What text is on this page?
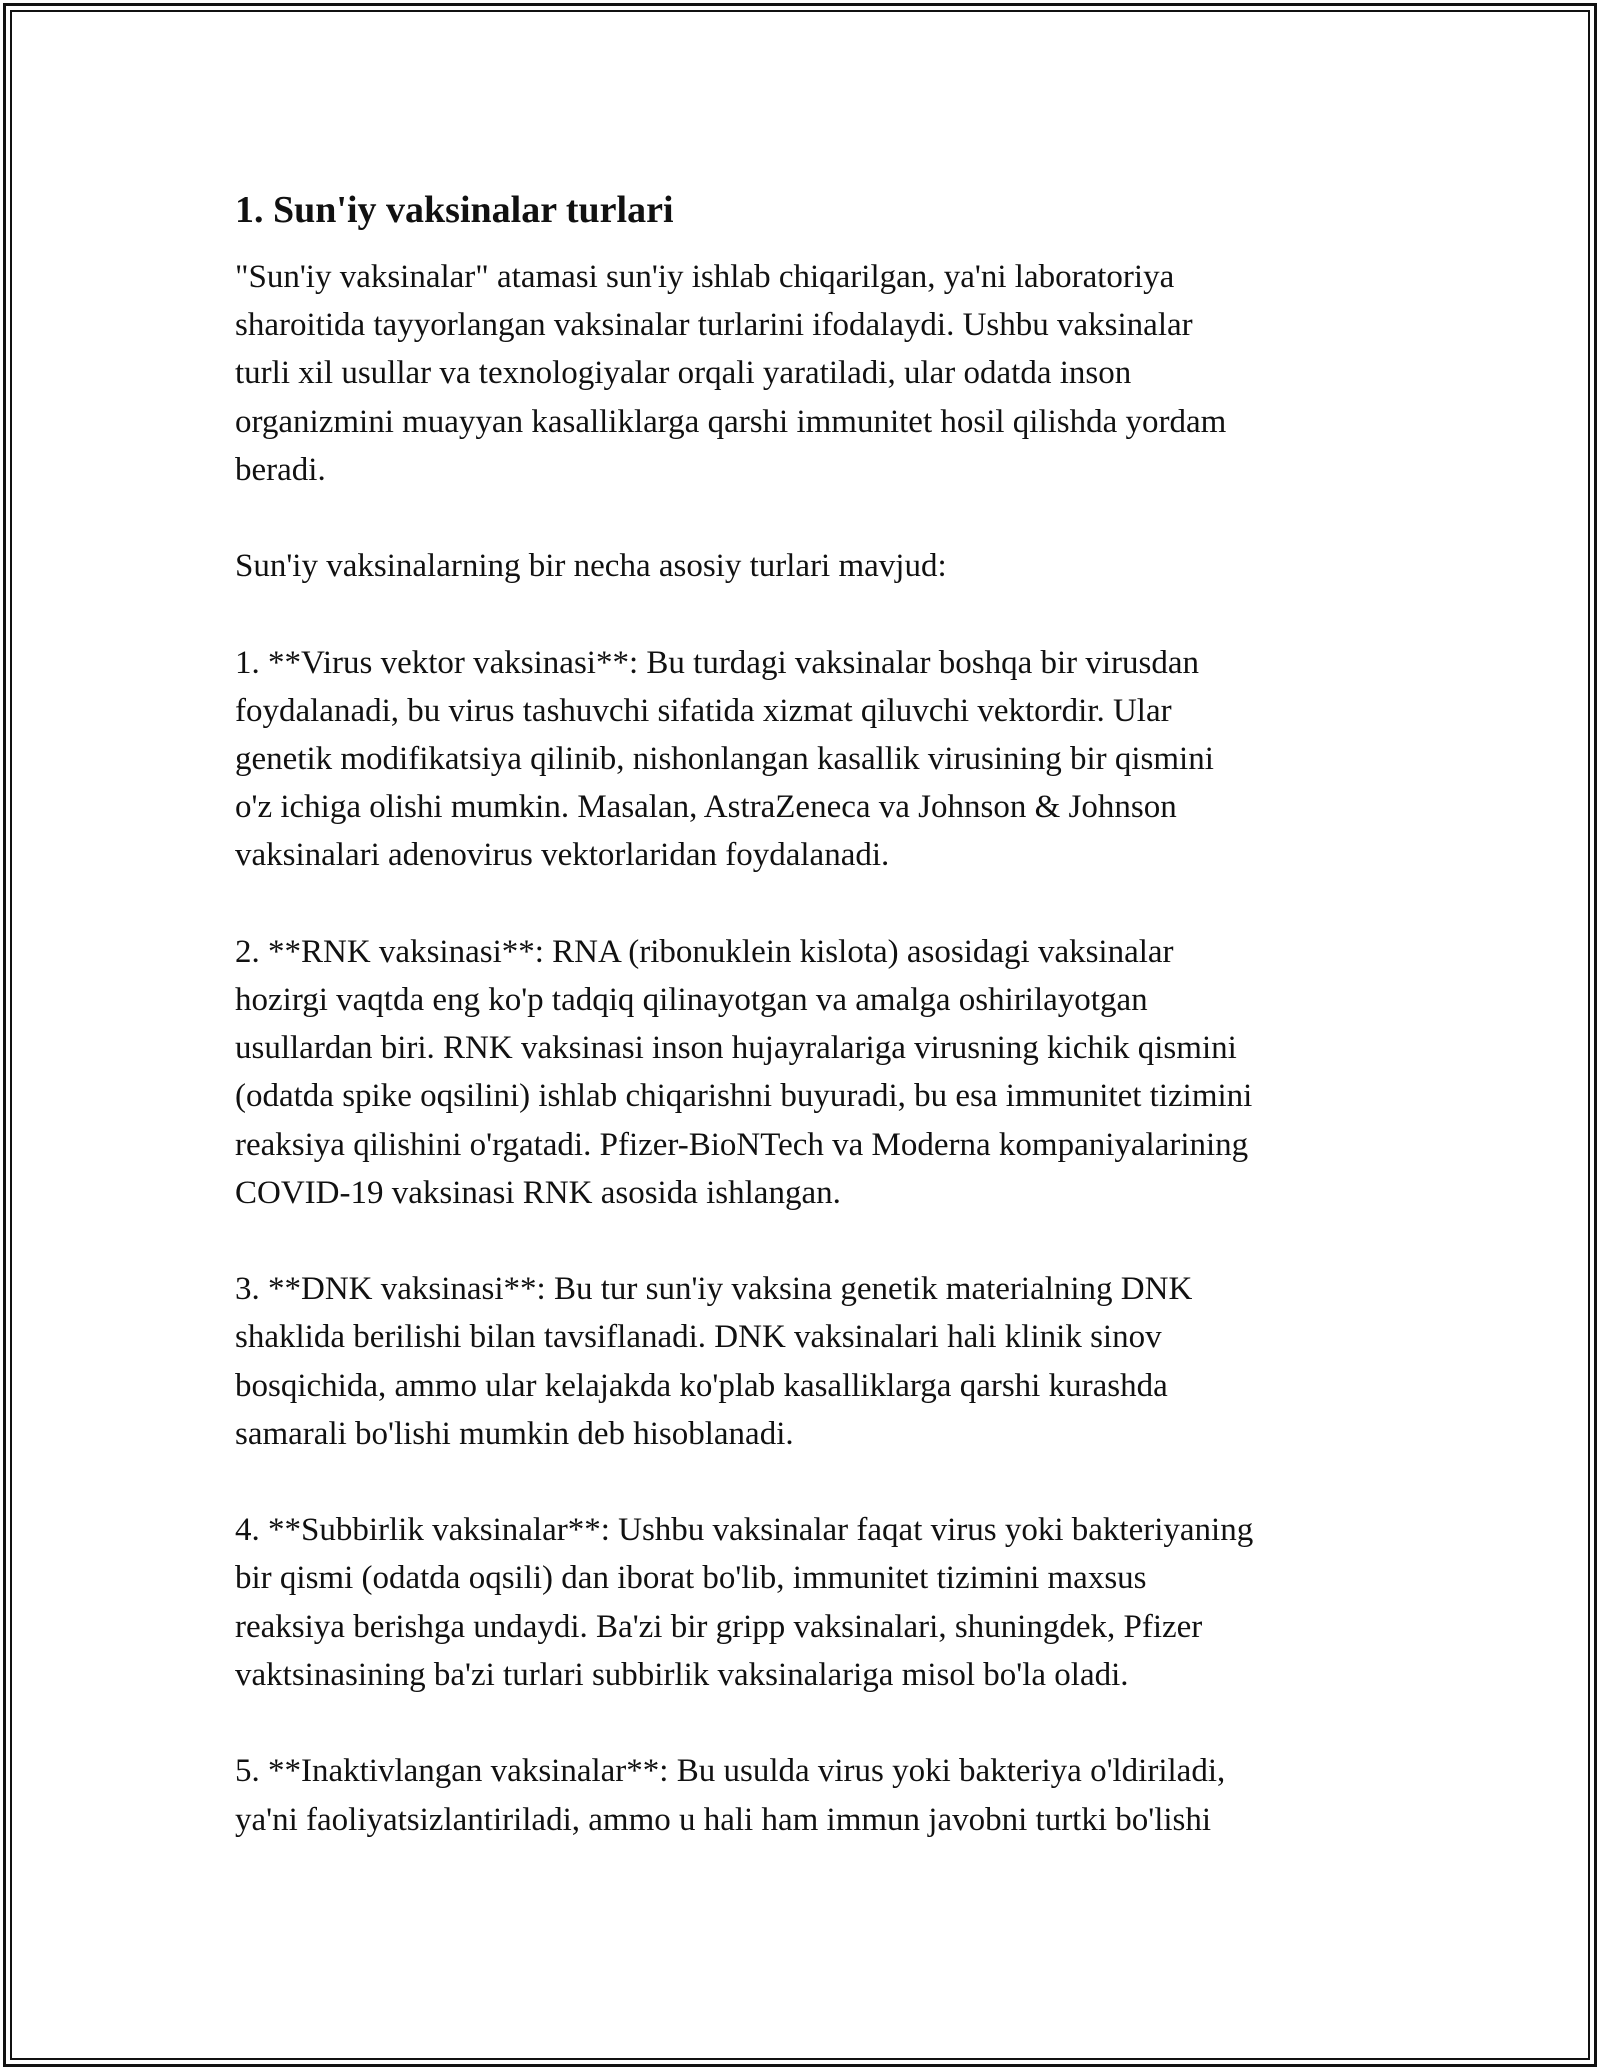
1. Sun'iy vaksinalar turlari
"Sun'iy vaksinalar" atamasi sun'iy ishlab chiqarilgan, ya'ni laboratoriya
sharoitida tayyorlangan vaksinalar turlarini ifodalaydi. Ushbu vaksinalar
turli xil usullar va texnologiyalar orqali yaratiladi, ular odatda inson
organizmini muayyan kasalliklarga qarshi immunitet hosil qilishda yordam
beradi.

Sun'iy vaksinalarning bir necha asosiy turlari mavjud:

1. **Virus vektor vaksinasi**: Bu turdagi vaksinalar boshqa bir virusdan
foydalanadi, bu virus tashuvchi sifatida xizmat qiluvchi vektordir. Ular
genetik modifikatsiya qilinib, nishonlangan kasallik virusining bir qismini
o'z ichiga olishi mumkin. Masalan, AstraZeneca va Johnson & Johnson
vaksinalari adenovirus vektorlaridan foydalanadi.

2. **RNK vaksinasi**: RNA (ribonuklein kislota) asosidagi vaksinalar
hozirgi vaqtda eng ko'p tadqiq qilinayotgan va amalga oshirilayotgan
usullardan biri. RNK vaksinasi inson hujayralariga virusning kichik qismini
(odatda spike oqsilini) ishlab chiqarishni buyuradi, bu esa immunitet tizimini
reaksiya qilishini o'rgatadi. Pfizer-BioNTech va Moderna kompaniyalarining
COVID-19 vaksinasi RNK asosida ishlangan.

3. **DNK vaksinasi**: Bu tur sun'iy vaksina genetik materialning DNK
shaklida berilishi bilan tavsiflanadi. DNK vaksinalari hali klinik sinov
bosqichida, ammo ular kelajakda ko'plab kasalliklarga qarshi kurashda
samarali bo'lishi mumkin deb hisoblanadi.

4. **Subbirlik vaksinalar**: Ushbu vaksinalar faqat virus yoki bakteriyaning
bir qismi (odatda oqsili) dan iborat bo'lib, immunitet tizimini maxsus
reaksiya berishga undaydi. Ba'zi bir gripp vaksinalari, shuningdek, Pfizer
vaktsinasining ba'zi turlari subbirlik vaksinalariga misol bo'la oladi.

5. **Inaktivlangan vaksinalar**: Bu usulda virus yoki bakteriya o'ldiriladi,
ya'ni faoliyatsizlantiriladi, ammo u hali ham immun javobni turtki bo'lishi
